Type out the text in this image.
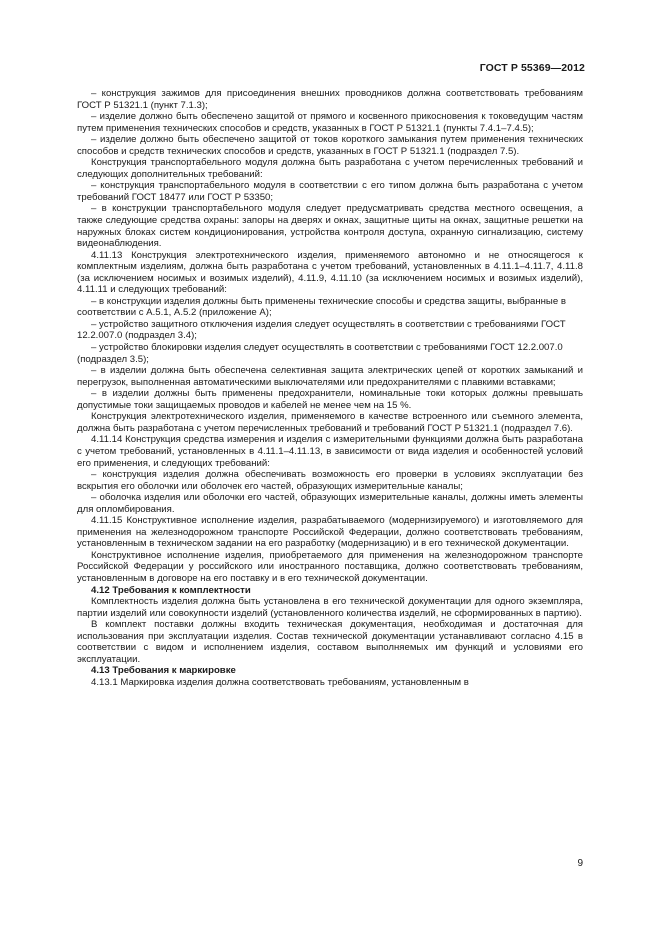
ГОСТ Р 55369—2012

– конструкция зажимов для присоединения внешних проводников должна соответствовать требованиям ГОСТ Р 51321.1 (пункт 7.1.3);

– изделие должно быть обеспечено защитой от прямого и косвенного прикосновения к токоведущим частям путем применения технических способов и средств, указанных в ГОСТ Р 51321.1 (пункты 7.4.1–7.4.5);

– изделие должно быть обеспечено защитой от токов короткого замыкания путем применения технических способов и средств технических способов и средств, указанных в ГОСТ Р 51321.1 (подраздел 7.5).

Конструкция транспортабельного модуля должна быть разработана с учетом перечисленных требований и следующих дополнительных требований:

– конструкция транспортабельного модуля в соответствии с его типом должна быть разработана с учетом требований ГОСТ 18477 или ГОСТ Р 53350;

– в конструкции транспортабельного модуля следует предусматривать средства местного освещения, а также следующие средства охраны: запоры на дверях и окнах, защитные щиты на окнах, защитные решетки на наружных блоках систем кондиционирования, устройства контроля доступа, охранную сигнализацию, систему видеонаблюдения.

4.11.13 Конструкция электротехнического изделия, применяемого автономно и не относящегося к комплектным изделиям, должна быть разработана с учетом требований, установленных в 4.11.1–4.11.7, 4.11.8 (за исключением носимых и возимых изделий), 4.11.9, 4.11.10 (за исключением носимых и возимых изделий), 4.11.11 и следующих требований:

– в конструкции изделия должны быть применены технические способы и средства защиты, выбранные в соответствии с А.5.1, А.5.2 (приложение А);

– устройство защитного отключения изделия следует осуществлять в соответствии с требованиями ГОСТ 12.2.007.0 (подраздел 3.4);

– устройство блокировки изделия следует осуществлять в соответствии с требованиями ГОСТ 12.2.007.0 (подраздел 3.5);

– в изделии должна быть обеспечена селективная защита электрических цепей от коротких замыканий и перегрузок, выполненная автоматическими выключателями или предохранителями с плавкими вставками;

– в изделии должны быть применены предохранители, номинальные токи которых должны превышать допустимые токи защищаемых проводов и кабелей не менее чем на 15 %.

Конструкция электротехнического изделия, применяемого в качестве встроенного или съемного элемента, должна быть разработана с учетом перечисленных требований и требований ГОСТ Р 51321.1 (подраздел 7.6).

4.11.14 Конструкция средства измерения и изделия с измерительными функциями должна быть разработана с учетом требований, установленных в 4.11.1–4.11.13, в зависимости от вида изделия и особенностей условий его применения, и следующих требований:

– конструкция изделия должна обеспечивать возможность его проверки в условиях эксплуатации без вскрытия его оболочки или оболочек его частей, образующих измерительные каналы;

– оболочка изделия или оболочки его частей, образующих измерительные каналы, должны иметь элементы для опломбирования.

4.11.15 Конструктивное исполнение изделия, разрабатываемого (модернизируемого) и изготовляемого для применения на железнодорожном транспорте Российской Федерации, должно соответствовать требованиям, установленным в техническом задании на его разработку (модернизацию) и в его технической документации.

Конструктивное исполнение изделия, приобретаемого для применения на железнодорожном транспорте Российской Федерации у российского или иностранного поставщика, должно соответствовать требованиям, установленным в договоре на его поставку и в его технической документации.

4.12 Требования к комплектности

Комплектность изделия должна быть установлена в его технической документации для одного экземпляра, партии изделий или совокупности изделий (установленного количества изделий, не сформированных в партию).

В комплект поставки должны входить техническая документация, необходимая и достаточная для использования при эксплуатации изделия. Состав технической документации устанавливают согласно 4.15 в соответствии с видом и исполнением изделия, составом выполняемых им функций и условиями его эксплуатации.

4.13 Требования к маркировке

4.13.1 Маркировка изделия должна соответствовать требованиям, установленным в

9
